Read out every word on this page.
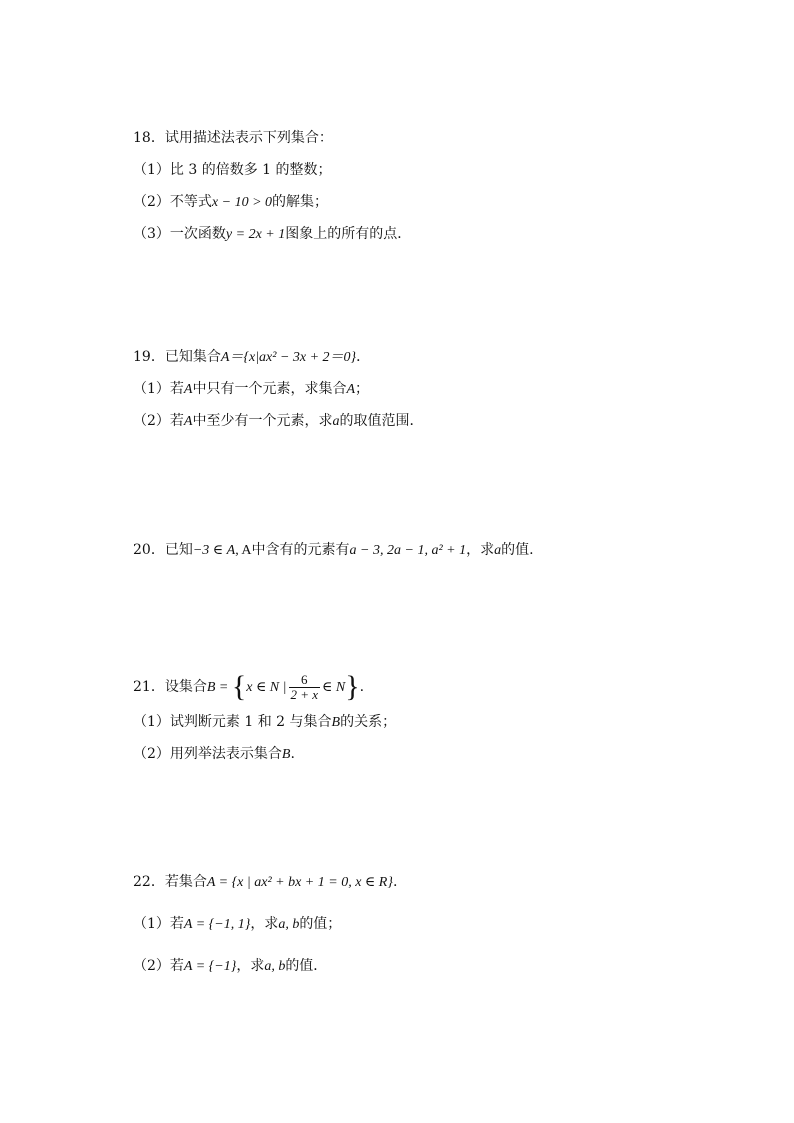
18．试用描述法表示下列集合：
（1）比 3 的倍数多 1 的整数；
（2）不等式x − 10 > 0的解集；
（3）一次函数y = 2x + 1图象上的所有的点．
19．已知集合A＝{x|ax² − 3x + 2＝0}．
（1）若A中只有一个元素，求集合A；
（2）若A中至少有一个元素，求a的取值范围．
20．已知−3 ∈ A, A中含有的元素有a − 3, 2a − 1, a² + 1，求a的值.
21．设集合B = {x ∈ N | $\frac{6}{2 + x}$ ∈ N}.
（1）试判断元素 1 和 2 与集合B的关系；
（2）用列举法表示集合B.
22．若集合A = {x | ax² + bx + 1 = 0, x ∈ R}.
（1）若A = {−1, 1}，求a, b的值；
（2）若A = {−1}，求a, b的值．
